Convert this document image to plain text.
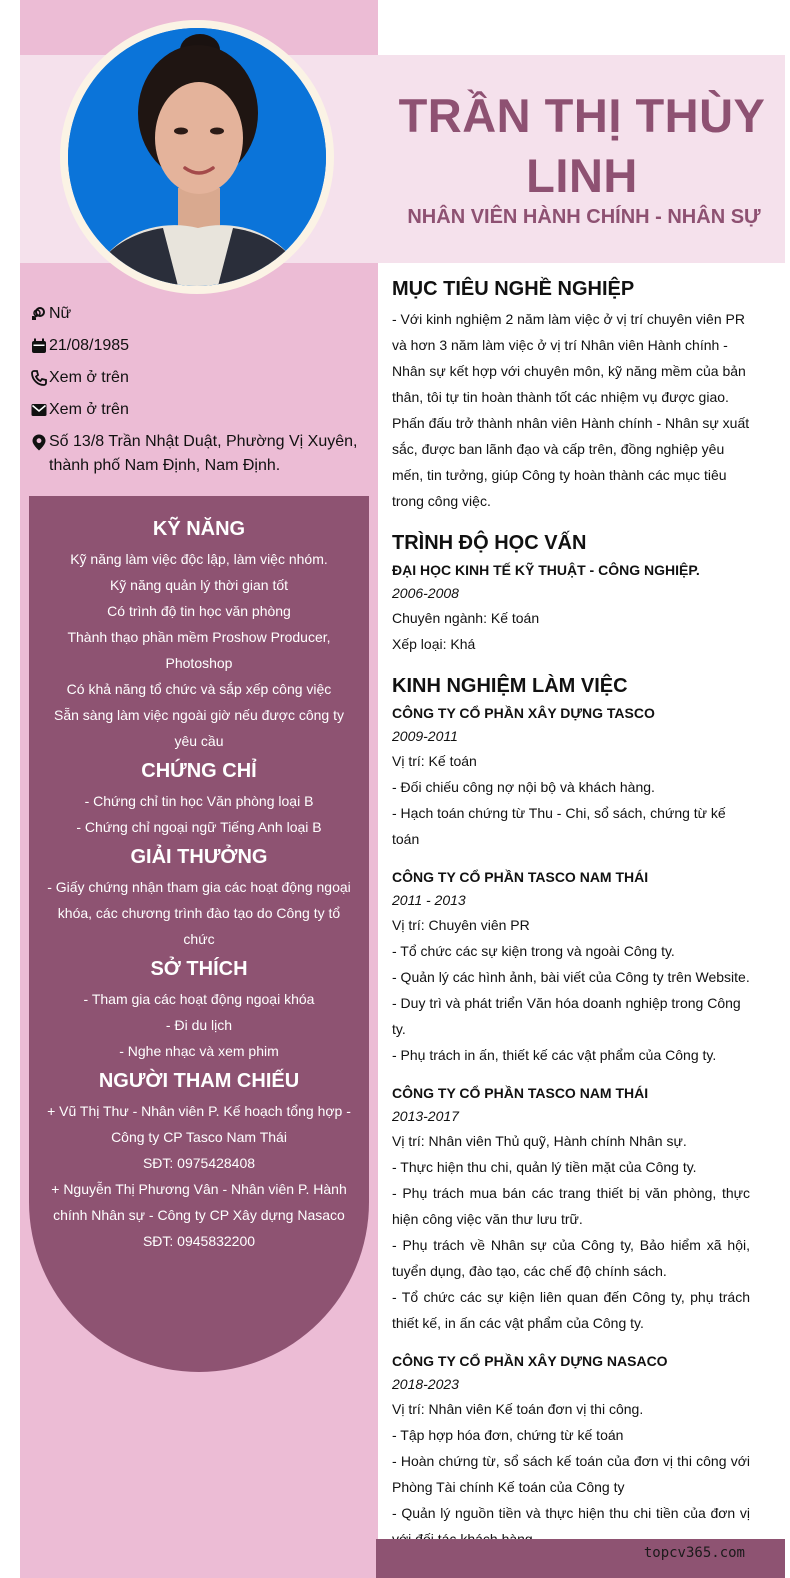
TRẦN THỊ THÙY LINH
NHÂN VIÊN HÀNH CHÍNH - NHÂN SỰ
Nữ
21/08/1985
Xem ở trên
Xem ở trên
Số 13/8 Trần Nhật Duật, Phường Vị Xuyên, thành phố Nam Định, Nam Định.
KỸ NĂNG
Kỹ năng làm việc độc lập, làm việc nhóm.
Kỹ năng quản lý thời gian tốt
Có trình độ tin học văn phòng
Thành thạo phần mềm Proshow Producer, Photoshop
Có khả năng tổ chức và sắp xếp công việc
Sẵn sàng làm việc ngoài giờ nếu được công ty yêu cầu
CHỨNG CHỈ
- Chứng chỉ tin học Văn phòng loại B
- Chứng chỉ ngoại ngữ Tiếng Anh loại B
GIẢI THƯỞNG
- Giấy chứng nhận tham gia các hoạt động ngoại khóa, các chương trình đào tạo do Công ty tổ chức
SỞ THÍCH
- Tham gia các hoạt động ngoại khóa
- Đi du lịch
- Nghe nhạc và xem phim
NGƯỜI THAM CHIẾU
+ Vũ Thị Thư - Nhân viên P. Kế hoạch tổng hợp - Công ty CP Tasco Nam Thái
SĐT: 0975428408
+ Nguyễn Thị Phương Vân - Nhân viên P. Hành chính Nhân sự - Công ty CP Xây dựng Nasaco
SĐT: 0945832200
MỤC TIÊU NGHỀ NGHIỆP
- Với kinh nghiệm 2 năm làm việc ở vị trí chuyên viên PR và hơn 3 năm làm việc ở vị trí Nhân viên Hành chính - Nhân sự kết hợp với chuyên môn, kỹ năng mềm của bản thân, tôi tự tin hoàn thành tốt các nhiệm vụ được giao. Phấn đấu trở thành nhân viên Hành chính - Nhân sự xuất sắc, được ban lãnh đạo và cấp trên, đồng nghiệp yêu mến, tin tưởng, giúp Công ty hoàn thành các mục tiêu trong công việc.
TRÌNH ĐỘ HỌC VẤN
ĐẠI HỌC KINH TẾ KỸ THUẬT - CÔNG NGHIỆP.
2006-2008
Chuyên ngành: Kế toán
Xếp loại: Khá
KINH NGHIỆM LÀM VIỆC
CÔNG TY CỔ PHẦN XÂY DỰNG TASCO
2009-2011
Vị trí: Kế toán
- Đối chiếu công nợ nội bộ và khách hàng.
- Hạch toán chứng từ Thu - Chi, sổ sách, chứng từ kế toán
CÔNG TY CỔ PHẦN TASCO NAM THÁI
2011 - 2013
Vị trí: Chuyên viên PR
- Tổ chức các sự kiện trong và ngoài Công ty.
- Quản lý các hình ảnh, bài viết của Công ty trên Website.
- Duy trì và phát triển Văn hóa doanh nghiệp trong Công ty.
- Phụ trách in ấn, thiết kế các vật phẩm của Công ty.
CÔNG TY CỔ PHẦN TASCO NAM THÁI
2013-2017
Vị trí: Nhân viên Thủ quỹ, Hành chính Nhân sự.
- Thực hiện thu chi, quản lý tiền mặt của Công ty.
- Phụ trách mua bán các trang thiết bị văn phòng, thực hiện công việc văn thư lưu trữ.
- Phụ trách về Nhân sự của Công ty, Bảo hiểm xã hội, tuyển dụng, đào tạo, các chế độ chính sách.
- Tổ chức các sự kiện liên quan đến Công ty, phụ trách thiết kế, in ấn các vật phẩm của Công ty.
CÔNG TY CỔ PHẦN XÂY DỰNG NASACO
2018-2023
Vị trí: Nhân viên Kế toán đơn vị thi công.
- Tập hợp hóa đơn, chứng từ kế toán
- Hoàn chứng từ, sổ sách kế toán của đơn vị thi công với Phòng Tài chính Kế toán của Công ty
- Quản lý nguồn tiền và thực hiện thu chi tiền của đơn vị
topcv365.com
